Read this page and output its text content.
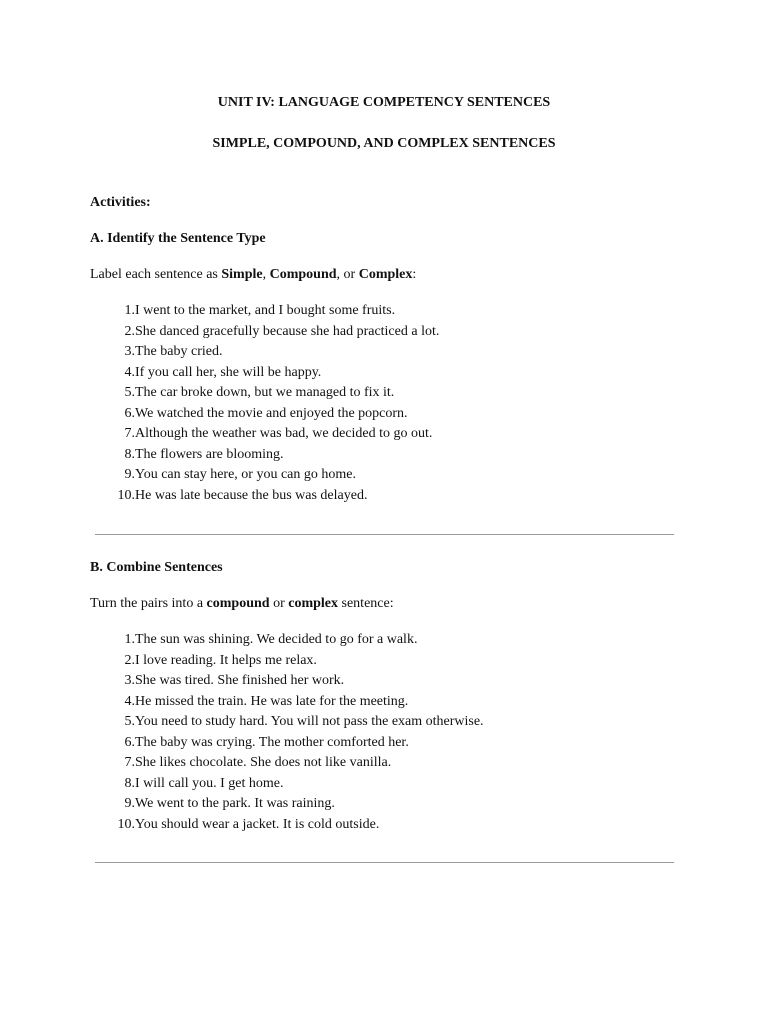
UNIT IV: LANGUAGE COMPETENCY SENTENCES
SIMPLE, COMPOUND, AND COMPLEX SENTENCES
Activities:
A. Identify the Sentence Type
Label each sentence as Simple, Compound, or Complex:
1. I went to the market, and I bought some fruits.
2. She danced gracefully because she had practiced a lot.
3. The baby cried.
4. If you call her, she will be happy.
5. The car broke down, but we managed to fix it.
6. We watched the movie and enjoyed the popcorn.
7. Although the weather was bad, we decided to go out.
8. The flowers are blooming.
9. You can stay here, or you can go home.
10. He was late because the bus was delayed.
B. Combine Sentences
Turn the pairs into a compound or complex sentence:
1. The sun was shining. We decided to go for a walk.
2. I love reading. It helps me relax.
3. She was tired. She finished her work.
4. He missed the train. He was late for the meeting.
5. You need to study hard. You will not pass the exam otherwise.
6. The baby was crying. The mother comforted her.
7. She likes chocolate. She does not like vanilla.
8. I will call you. I get home.
9. We went to the park. It was raining.
10. You should wear a jacket. It is cold outside.
